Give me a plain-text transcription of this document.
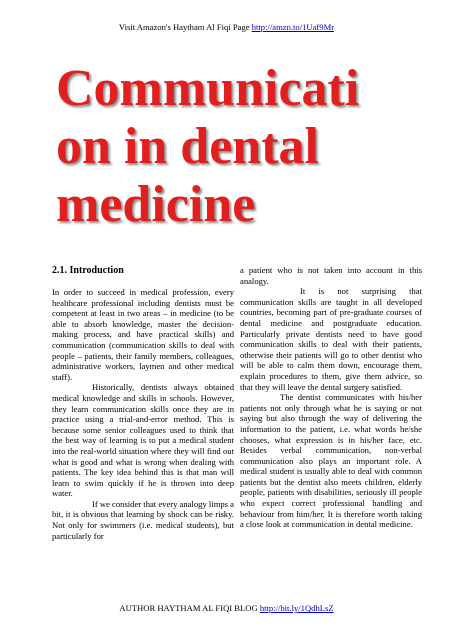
Visit Amazon's Haytham Al Fiqi Page http://amzn.to/1Uaf9Mr
Communicati
on in dental
medicine
2.1. Introduction

In order to succeed in medical profession, every healthcare professional including dentists must be competent at least in two areas – in medicine (to be able to absorb knowledge, master the decision-making process, and have practical skills) and communication (communication skills to deal with people – patients, their family members, colleagues, administrative workers, laymen and other medical staff).

Historically, dentists always obtained medical knowledge and skills in schools. However, they learn communication skills once they are in practice using a trial-and-error method. This is because some senior colleagues used to think that the best way of learning is to put a medical student into the real-world situation where they will find out what is good and what is wrong when dealing with patients. The key idea behind this is that man will learn to swim quickly if he is thrown into deep water.

If we consider that every analogy limps a bit, it is obvious that learning by shock can be risky. Not only for swimmers (i.e. medical students), but particularly for

a patient who is not taken into account in this analogy.

It is not surprising that communication skills are taught in all developed countries, becoming part of pre-graduate courses of dental medicine and postgraduate education. Particularly private dentists need to have good communication skills to deal with their patients, otherwise their patients will go to other dentist who will be able to calm them down, encourage them, explain procedures to them, give them advice, so that they will leave the dental surgery satisfied.

The dentist communicates with his/her patients not only through what he is saying or not saying but also through the way of delivering the information to the patient, i.e. what words he/she chooses, what expression is in his/her face, etc. Besides verbal communication, non-verbal communication also plays an important role. A medical student is usually able to deal with common patients but the dentist also meets children, elderly people, patients with disabilities, seriously ill people who expect correct professional handling and behaviour from him/her. It is therefore worth taking a close look at communication in dental medicine.

AUTHOR HAYTHAM AL FIQI BLOG http://bit.ly/1QdhLsZ
